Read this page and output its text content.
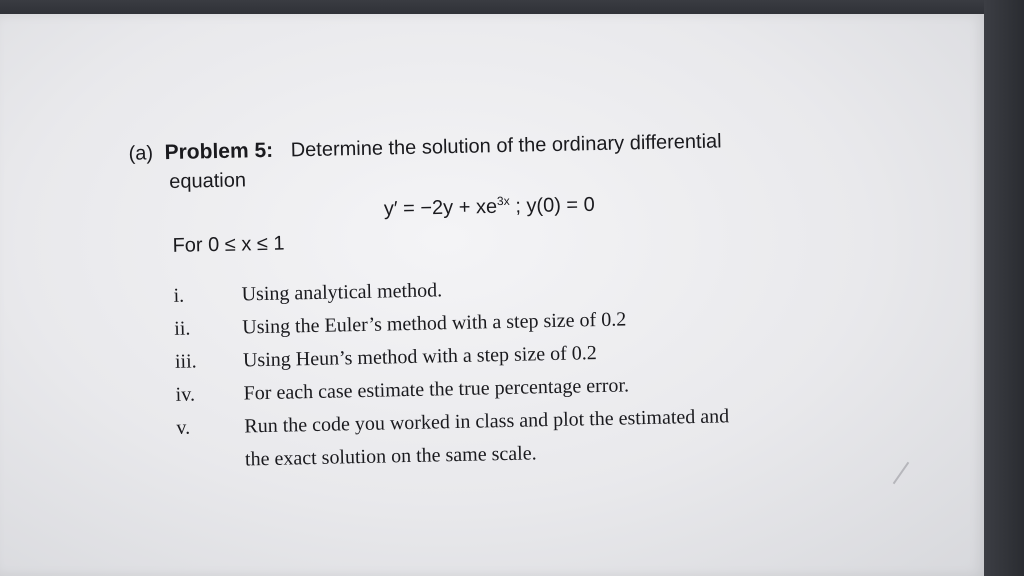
(a) Problem 5: Determine the solution of the ordinary differential
equation
$y' = -2y + xe^{3x}$ ; y(0) = 0
For 0 ≤ x ≤ 1
i.	Using analytical method.
ii.	Using the Euler’s method with a step size of 0.2
iii.	Using Heun’s method with a step size of 0.2
iv.	For each case estimate the true percentage error.
v.	Run the code you worked in class and plot the estimated and
the exact solution on the same scale.
